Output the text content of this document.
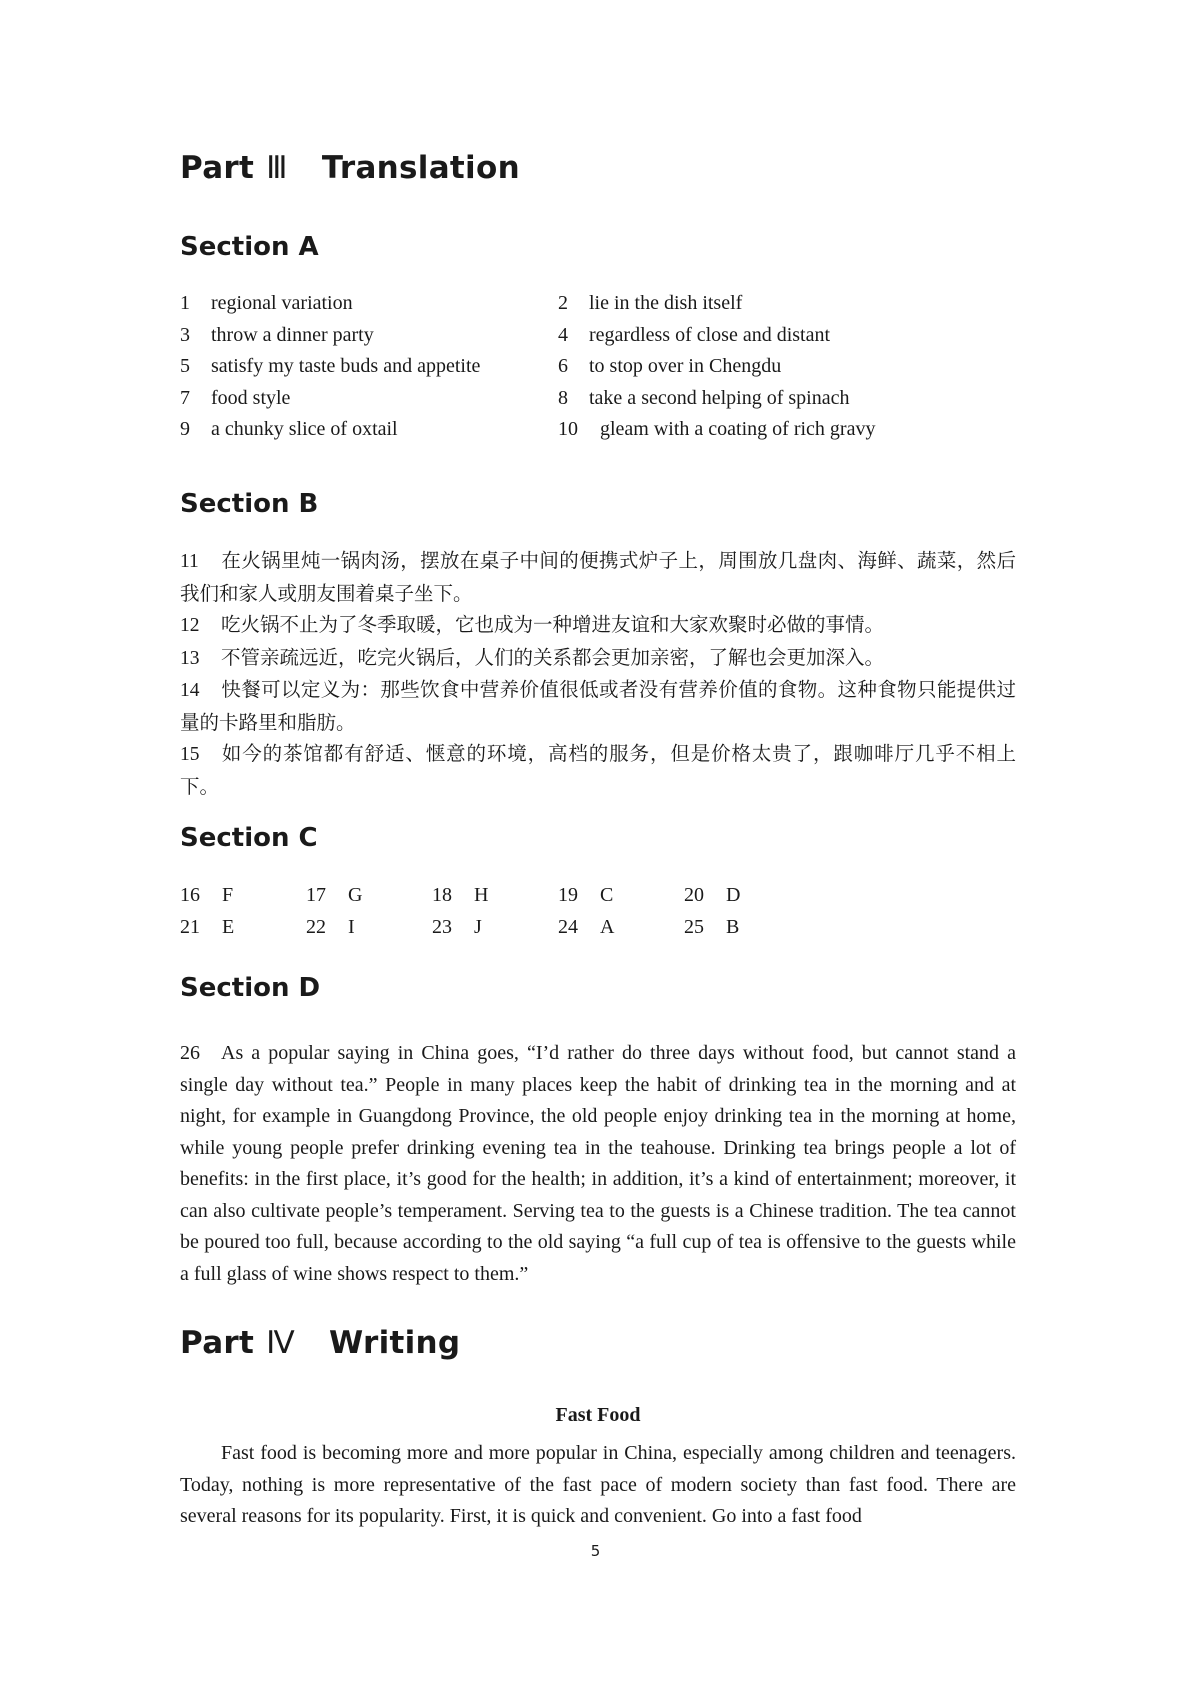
Part Ⅲ Translation
Section A
1	regional variation	2	lie in the dish itself
3	throw a dinner party	4	regardless of close and distant
5	satisfy my taste buds and appetite	6	to stop over in Chengdu
7	food style	8	take a second helping of spinach
9	a chunky slice of oxtail	10	gleam with a coating of rich gravy
Section B
11 在火锅里炖一锅肉汤，摆放在桌子中间的便携式炉子上，周围放几盘肉、海鲜、蔬菜，然后我们和家人或朋友围着桌子坐下。
12 吃火锅不止为了冬季取暖，它也成为一种增进友谊和大家欢聚时必做的事情。
13 不管亲疏远近，吃完火锅后，人们的关系都会更加亲密，了解也会更加深入。
14 快餐可以定义为：那些饮食中营养价值很低或者没有营养价值的食物。这种食物只能提供过量的卡路里和脂肪。
15 如今的茶馆都有舒适、惬意的环境，高档的服务，但是价格太贵了，跟咖啡厅几乎不相上下。
Section C
16 F	17 G	18 H	19 C	20 D
21 E	22 I	23 J	24 A	25 B
Section D
26 As a popular saying in China goes, “I’d rather do three days without food, but cannot stand a single day without tea.” People in many places keep the habit of drinking tea in the morning and at night, for example in Guangdong Province, the old people enjoy drinking tea in the morning at home, while young people prefer drinking evening tea in the teahouse. Drinking tea brings people a lot of benefits: in the first place, it’s good for the health; in addition, it’s a kind of entertainment; moreover, it can also cultivate people’s temperament. Serving tea to the guests is a Chinese tradition. The tea cannot be poured too full, because according to the old saying “a full cup of tea is offensive to the guests while a full glass of wine shows respect to them.”
Part Ⅳ Writing
Fast Food
Fast food is becoming more and more popular in China, especially among children and teenagers. Today, nothing is more representative of the fast pace of modern society than fast food. There are several reasons for its popularity. First, it is quick and convenient. Go into a fast food
5
